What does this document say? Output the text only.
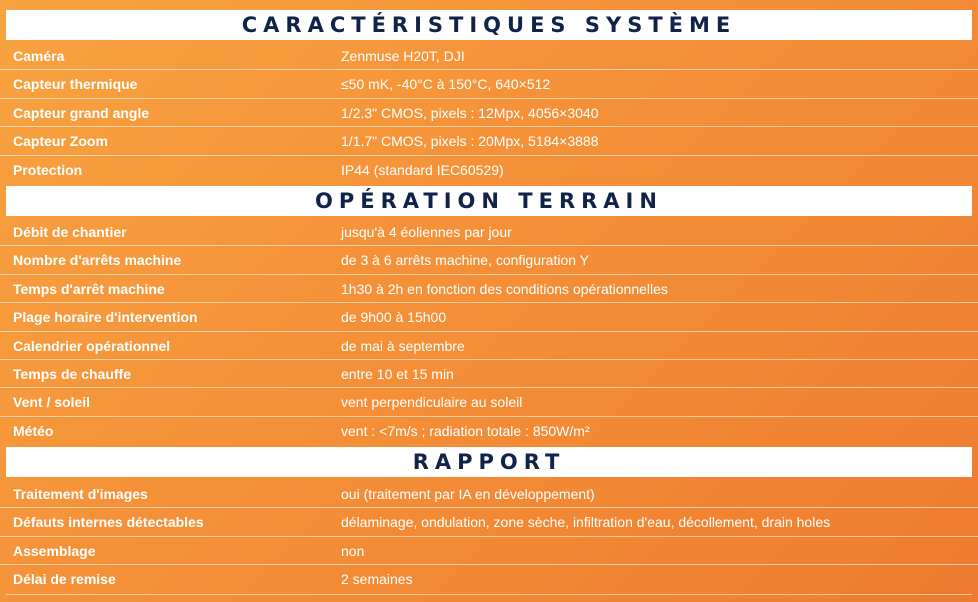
CARACTÉRISTIQUES SYSTÈME
Caméra	Zenmuse H20T, DJI
Capteur thermique	≤50 mK, -40°C à 150°C, 640×512
Capteur grand angle	1/2.3" CMOS, pixels : 12Mpx, 4056×3040
Capteur Zoom	1/1.7" CMOS, pixels : 20Mpx, 5184×3888
Protection	IP44 (standard IEC60529)
OPÉRATION TERRAIN
Débit de chantier	jusqu'à 4 éoliennes par jour
Nombre d'arrêts machine	de 3 à 6 arrêts machine, configuration Y
Temps d'arrêt machine	1h30 à 2h en fonction des conditions opérationnelles
Plage horaire d'intervention	de 9h00 à 15h00
Calendrier opérationnel	de mai à septembre
Temps de chauffe	entre 10 et 15 min
Vent / soleil	vent perpendiculaire au soleil
Météo	vent : <7m/s ; radiation totale : 850W/m²
RAPPORT
Traitement d'images	oui (traitement par IA en développement)
Défauts internes détectables	délaminage, ondulation, zone sèche, infiltration d'eau, décollement, drain holes
Assemblage	non
Délai de remise	2 semaines
